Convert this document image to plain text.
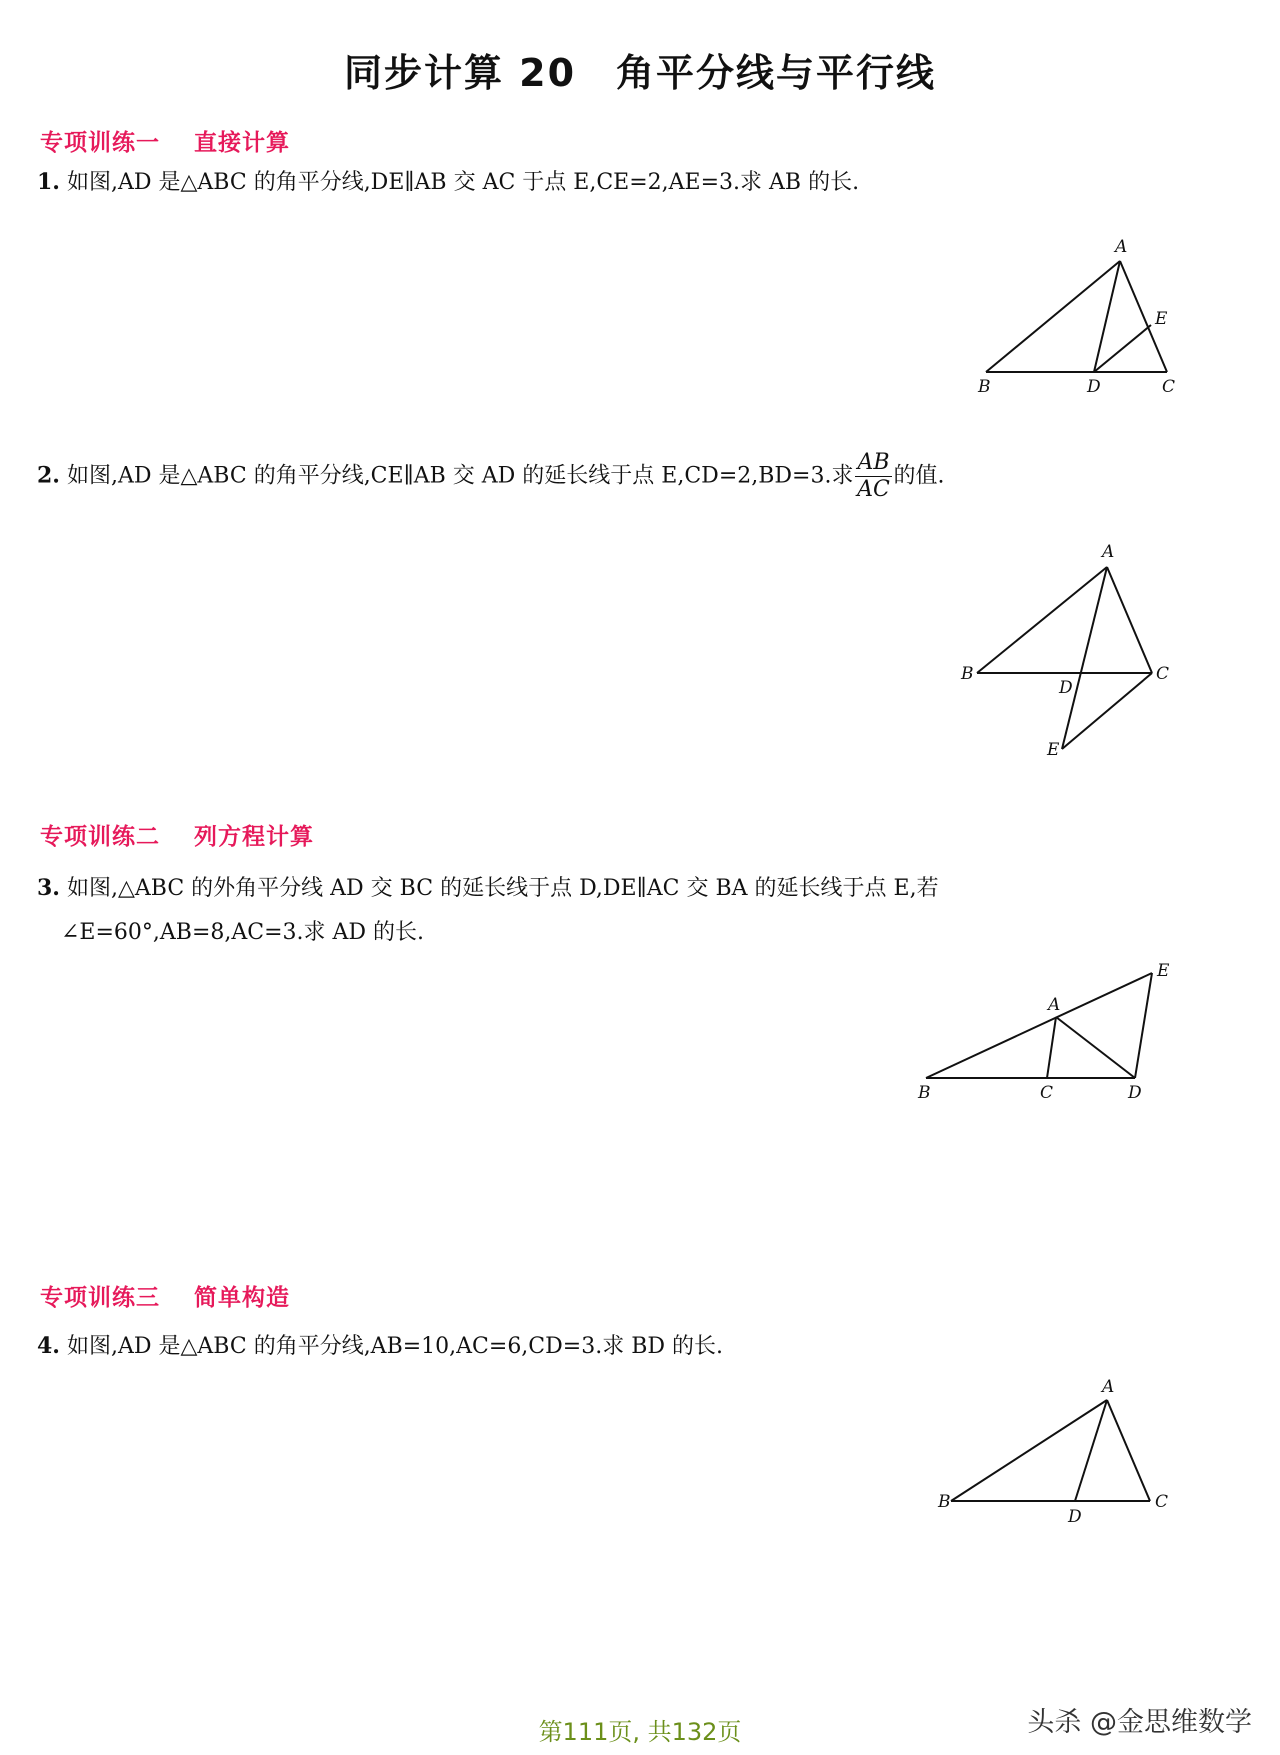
同步计算 20　角平分线与平行线
专项训练一 直接计算
1. 如图,AD 是△ABC 的角平分线,DE∥AB 交 AC 于点 E,CE=2,AE=3.求 AB 的长.
A
B	C
D
E
2. 如图,AD 是△ABC 的角平分线,CE∥AB 交 AD 的延长线于点 E,CD=2,BD=3.求 $\frac{AB}{AC}$ 的值.
A
B	C
D
E
专项训练二 列方程计算
3. 如图,△ABC 的外角平分线 AD 交 BC 的延长线于点 D,DE∥AC 交 BA 的延长线于点 E,若
∠E=60°,AB=8,AC=3.求 AD 的长.
A
B	C	D
E
专项训练三 简单构造
4. 如图,AD 是△ABC 的角平分线,AB=10,AC=6,CD=3.求 BD 的长.
A
B	C
D
第111页, 共132页	头杀 @金思维数学
